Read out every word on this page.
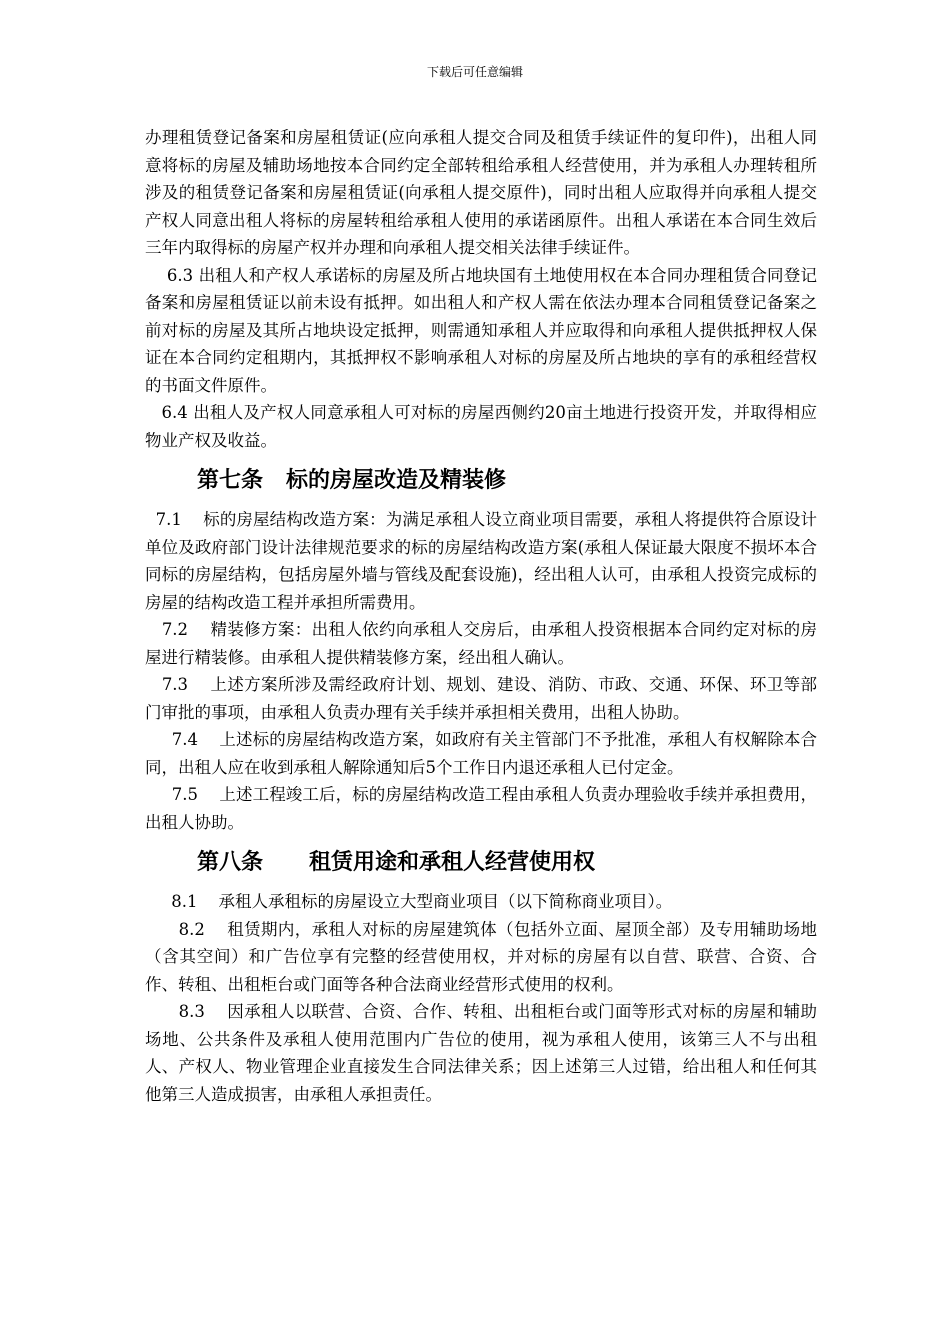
下载后可任意编辑

办理租赁登记备案和房屋租赁证(应向承租人提交合同及租赁手续证件的复印件)，出租人同意将标的房屋及辅助场地按本合同约定全部转租给承租人经营使用，并为承租人办理转租所涉及的租赁登记备案和房屋租赁证(向承租人提交原件)，同时出租人应取得并向承租人提交产权人同意出租人将标的房屋转租给承租人使用的承诺函原件。出租人承诺在本合同生效后三年内取得标的房屋产权并办理和向承租人提交相关法律手续证件。

6.3 出租人和产权人承诺标的房屋及所占地块国有土地使用权在本合同办理租赁合同登记备案和房屋租赁证以前未设有抵押。如出租人和产权人需在依法办理本合同租赁登记备案之前对标的房屋及其所占地块设定抵押，则需通知承租人并应取得和向承租人提供抵押权人保证在本合同约定租期内，其抵押权不影响承租人对标的房屋及所占地块的享有的承租经营权的书面文件原件。

6.4 出租人及产权人同意承租人可对标的房屋西侧约20亩土地进行投资开发，并取得相应物业产权及收益。

第七条   标的房屋改造及精装修

7.1    标的房屋结构改造方案：为满足承租人设立商业项目需要，承租人将提供符合原设计单位及政府部门设计法律规范要求的标的房屋结构改造方案(承租人保证最大限度不损坏本合同标的房屋结构，包括房屋外墙与管线及配套设施)，经出租人认可，由承租人投资完成标的房屋的结构改造工程并承担所需费用。

7.2    精装修方案：出租人依约向承租人交房后，由承租人投资根据本合同约定对标的房屋进行精装修。由承租人提供精装修方案，经出租人确认。

7.3    上述方案所涉及需经政府计划、规划、建设、消防、市政、交通、环保、环卫等部门审批的事项，由承租人负责办理有关手续并承担相关费用，出租人协助。

7.4    上述标的房屋结构改造方案，如政府有关主管部门不予批准，承租人有权解除本合同，出租人应在收到承租人解除通知后5个工作日内退还承租人已付定金。

7.5    上述工程竣工后，标的房屋结构改造工程由承租人负责办理验收手续并承担费用，出租人协助。

第八条      租赁用途和承租人经营使用权

8.1    承租人承租标的房屋设立大型商业项目（以下简称商业项目）。

8.2    租赁期内，承租人对标的房屋建筑体（包括外立面、屋顶全部）及专用辅助场地（含其空间）和广告位享有完整的经营使用权，并对标的房屋有以自营、联营、合资、合作、转租、出租柜台或门面等各种合法商业经营形式使用的权利。

8.3    因承租人以联营、合资、合作、转租、出租柜台或门面等形式对标的房屋和辅助场地、公共条件及承租人使用范围内广告位的使用，视为承租人使用，该第三人不与出租人、产权人、物业管理企业直接发生合同法律关系；因上述第三人过错，给出租人和任何其他第三人造成损害，由承租人承担责任。
